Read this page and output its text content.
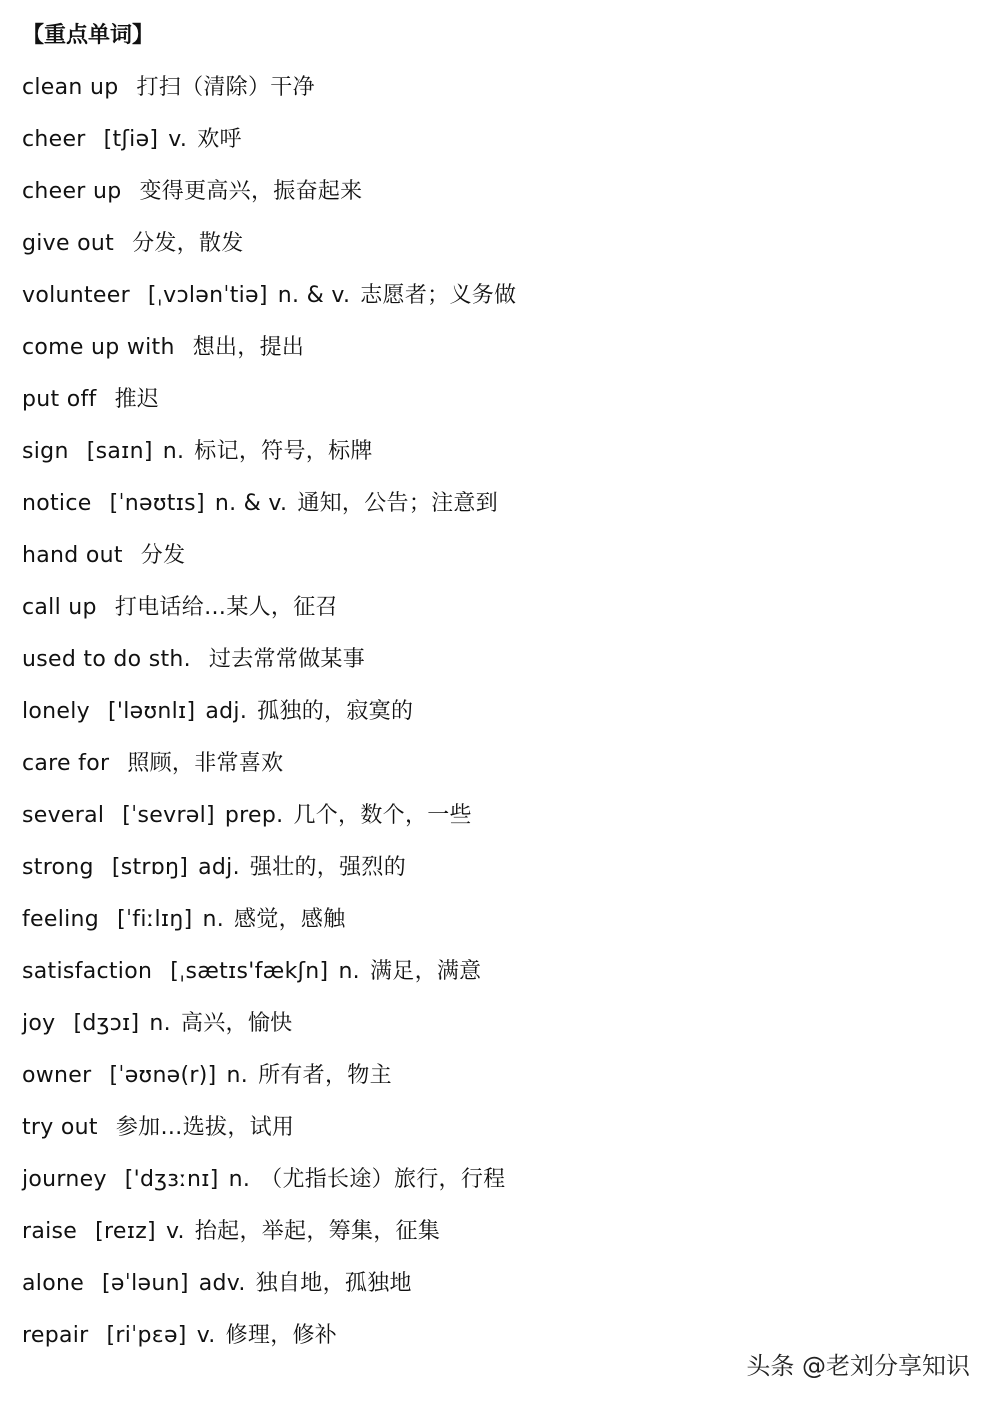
【重点单词】
clean up 打扫（清除）干净
cheer [tʃiə] v. 欢呼
cheer up 变得更高兴，振奋起来
give out 分发，散发
volunteer [ˌvɔlənˈtiə] n. & v. 志愿者；义务做
come up with 想出，提出
put off 推迟
sign [saɪn] n. 标记，符号，标牌
notice [ˈnəʊtɪs] n. & v. 通知，公告；注意到
hand out 分发
call up 打电话给…某人，征召
used to do sth. 过去常常做某事
lonely ['ləʊnlɪ] adj. 孤独的，寂寞的
care for 照顾，非常喜欢
several [ˈsevrəl] prep. 几个，数个，一些
strong [strɒŋ] adj. 强壮的，强烈的
feeling [ˈfiːlɪŋ] n. 感觉，感触
satisfaction [ˌsætɪs'fækʃn] n. 满足，满意
joy [dʒɔɪ] n. 高兴，愉快
owner [ˈəʊnə(r)] n. 所有者，物主
try out 参加…选拔，试用
journey ['dʒɜːnɪ] n. （尤指长途）旅行，行程
raise [reɪz] v. 抬起，举起，筹集，征集
alone [əˈləun] adv. 独自地，孤独地
repair [riˈpɛə] v. 修理，修补
头条 @老刘分享知识
